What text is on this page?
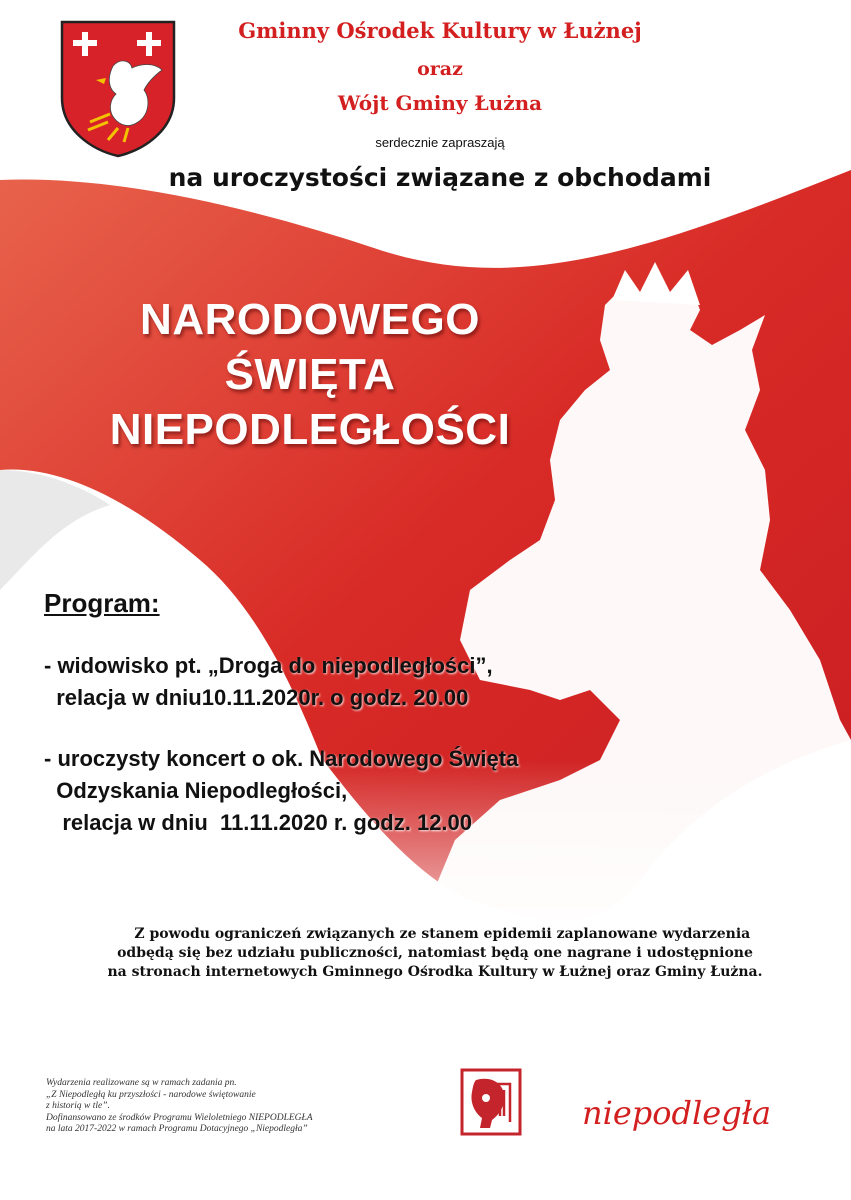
Gminny Ośrodek Kultury w Łużnej
oraz
Wójt Gminy Łużna
serdecznie zapraszają
na uroczystości związane z obchodami
NARODOWEGO
ŚWIĘTA
NIEPODLEGŁOŚCI
Program:
- widowisko pt. „Droga do niepodległości”,
relacja w dniu10.11.2020r. o godz. 20.00
- uroczysty koncert o ok. Narodowego Święta
Odzyskania Niepodległości,
relacja w dniu  11.11.2020 r. godz. 12.00
Z powodu ograniczeń związanych ze stanem epidemii zaplanowane wydarzenia
odbędą się bez udziału publiczności, natomiast będą one nagrane i udostępnione
na stronach internetowych Gminnego Ośrodka Kultury w Łużnej oraz Gminy Łużna.
Wydarzenia realizowane są w ramach zadania pn.
„Z Niepodległą ku przyszłości - narodowe świętowanie
z historią w tle”.
Dofinansowano ze środków Programu Wieloletniego NIEPODLEGŁA
na lata 2017-2022 w ramach Programu Dotacyjnego „Niepodległa”	niepodległa
